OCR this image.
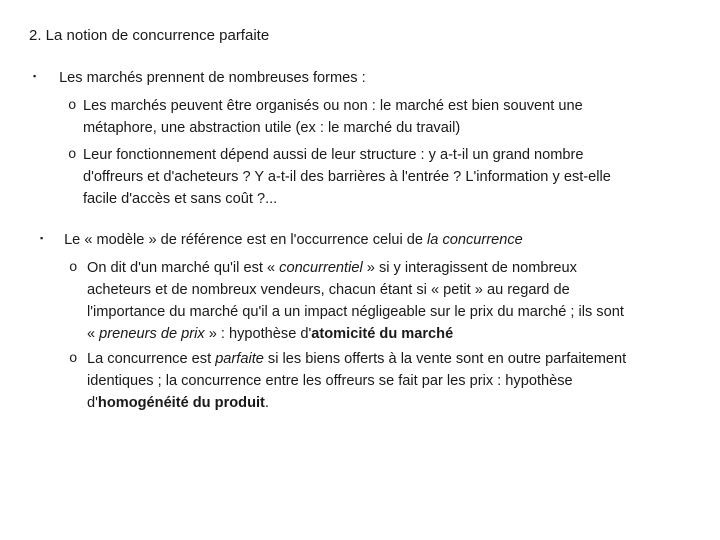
2. La notion de concurrence parfaite
▪ Les marchés prennent de nombreuses formes :
o Les marchés peuvent être organisés ou non : le marché est bien souvent une
métaphore, une abstraction utile (ex : le marché du travail)
o Leur fonctionnement dépend aussi de leur structure : y a-t-il un grand nombre
d'offreurs et d'acheteurs ? Y a-t-il des barrières à l'entrée ? L'information y est-elle
facile d'accès et sans coût ?...
▪ Le « modèle » de référence est en l'occurrence celui de la concurrence
o On dit d'un marché qu'il est « concurrentiel » si y interagissent de nombreux
acheteurs et de nombreux vendeurs, chacun étant si « petit » au regard de
l'importance du marché qu'il a un impact négligeable sur le prix du marché ; ils sont
« preneurs de prix » : hypothèse d'atomicité du marché
o La concurrence est parfaite si les biens offerts à la vente sont en outre parfaitement
identiques ; la concurrence entre les offreurs se fait par les prix : hypothèse
d'homogénéité du produit.
